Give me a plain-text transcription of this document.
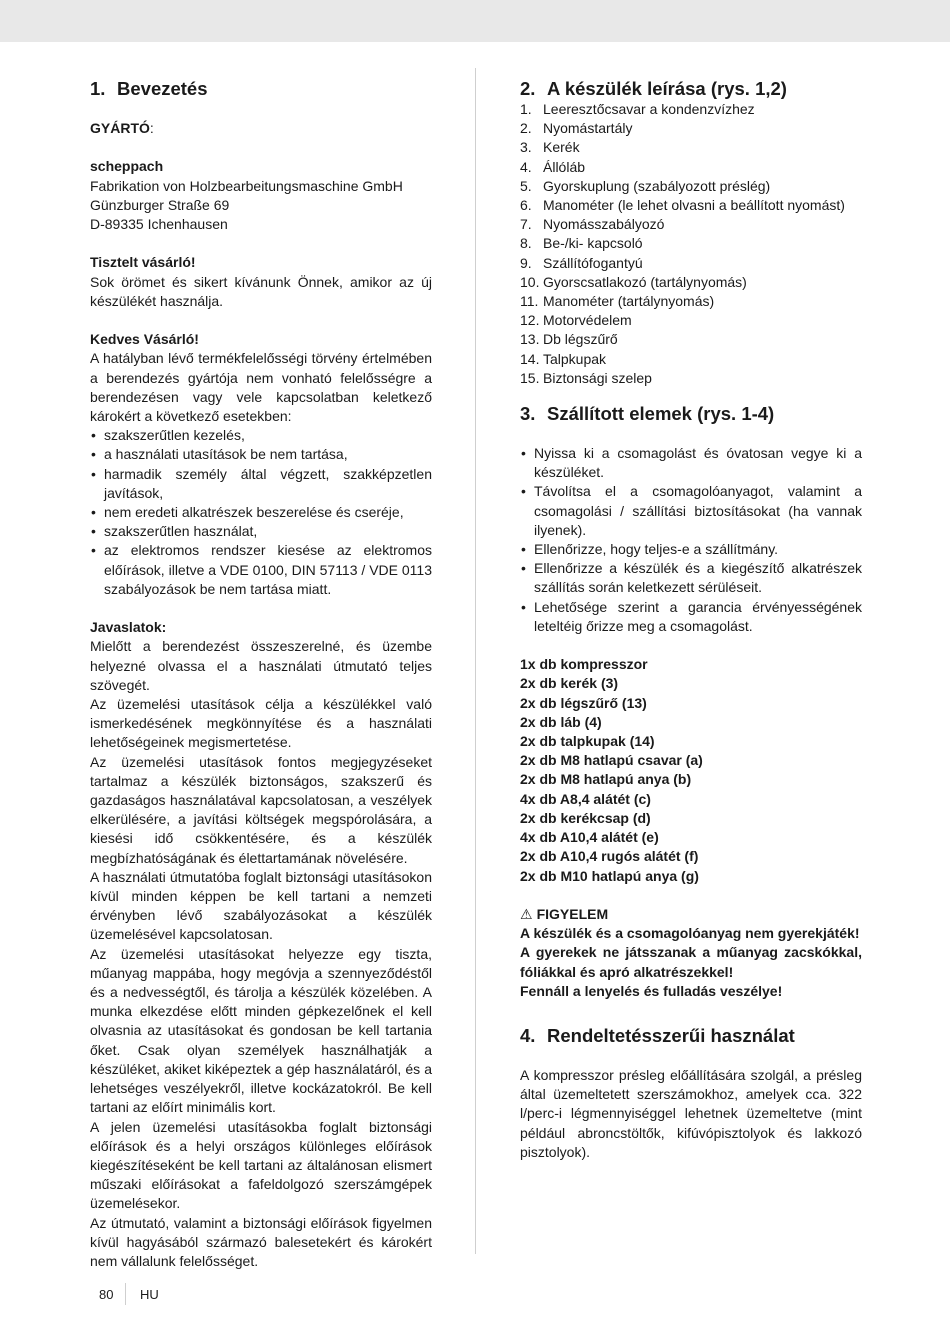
1. Bevezetés

GYÁRTÓ:

scheppach

Fabrikation von Holzbearbeitungsmaschine GmbH

Günzburger Straße 69

D-89335 Ichenhausen

Tisztelt vásárló!

Sok örömet és sikert kívánunk Önnek, amikor az új készülékét használja.

Kedves Vásárló!

A hatályban lévő termékfelelősségi törvény értelmében a berendezés gyártója nem vonható felelősségre a berendezésen vagy vele kapcsolatban keletkező károkért a következő esetekben:

• szakszerűtlen kezelés,
• a használati utasítások be nem tartása,
• harmadik személy által végzett, szakképzetlen javítások,
• nem eredeti alkatrészek beszerelése és cseréje,
• szakszerűtlen használat,
• az elektromos rendszer kiesése az elektromos előírások, illetve a VDE 0100, DIN 57113 / VDE 0113 szabályozások be nem tartása miatt.

Javaslatok:

Mielőtt a berendezést összeszerelné, és üzembe helyezné olvassa el a használati útmutató teljes szövegét.

Az üzemelési utasítások célja a készülékkel való ismerkedésének megkönnyítése és a használati lehetőségeinek megismertetése.

Az üzemelési utasítások fontos megjegyzéseket tartalmaz a készülék biztonságos, szakszerű és gazdaságos használatával kapcsolatosan, a veszélyek elkerülésére, a javítási költségek megspórolására, a kiesési idő csökkentésére, és a készülék megbízhatóságának és élettartamának növelésére.

A használati útmutatóba foglalt biztonsági utasításokon kívül minden képpen be kell tartani a nemzeti érvényben lévő szabályozásokat a készülék üzemelésével kapcsolatosan.

Az üzemelési utasításokat helyezze egy tiszta, műanyag mappába, hogy megóvja a szennyeződéstől és a nedvességtől, és tárolja a készülék közelében. A munka elkezdése előtt minden gépkezelőnek el kell olvasnia az utasításokat és gondosan be kell tartania őket. Csak olyan személyek használhatják a készüléket, akiket kiképeztek a gép használatáról, és a lehetséges veszélyekről, illetve kockázatokról. Be kell tartani az előírt minimális kort.

A jelen üzemelési utasításokba foglalt biztonsági előírások és a helyi országos különleges előírások kiegészítéseként be kell tartani az általánosan elismert műszaki előírásokat a fafeldolgozó szerszámgépek üzemelésekor.

Az útmutató, valamint a biztonsági előírások figyelmen kívül hagyásából származó balesetekért és károkért nem vállalunk felelősséget.

2. A készülék leírása (rys. 1,2)
1. Leeresztőcsavar a kondenzvízhez
2. Nyomástartály
3. Kerék
4. Állóláb
5. Gyorskuplung (szabályozott préslég)
6. Manométer (le lehet olvasni a beállított nyomást)
7. Nyomásszabályozó
8. Be-/ki- kapcsoló
9. Szállítófogantyú
10. Gyorscsatlakozó (tartálynyomás)
11. Manométer (tartálynyomás)
12. Motorvédelem
13. Db légszűrő
14. Talpkupak
15. Biztonsági szelep
3. Szállított elemek (rys. 1-4)
• Nyissa ki a csomagolást és óvatosan vegye ki a készüléket.
• Távolítsa el a csomagolóanyagot, valamint a csomagolási / szállítási biztosításokat (ha vannak ilyenek).
• Ellenőrizze, hogy teljes-e a szállítmány.
• Ellenőrizze a készülék és a kiegészítő alkatrészek szállítás során keletkezett sérüléseit.
• Lehetősége szerint a garancia érvényességének leteltéig őrizze meg a csomagolást.
1x db kompresszor
2x db kerék (3)
2x db légszűrő (13)
2x db láb (4)
2x db talpkupak (14)
2x db M8 hatlapú csavar (a)
2x db M8 hatlapú anya (b)
4x db A8,4 alátét (c)
2x db kerékcsap (d)
4x db A10,4 alátét (e)
2x db A10,4 rugós alátét (f)
2x db M10 hatlapú anya (g)

⚠ FIGYELEM

A készülék és a csomagolóanyag nem gyerekjáték!

A gyerekek ne játsszanak a műanyag zacskókkal, fóliákkal és apró alkatrészekkel!

Fennáll a lenyelés és fulladás veszélye!

4. Rendeltetésszerűi használat

A kompresszor présleg előállítására szolgál, a présleg által üzemeltetett szerszámokhoz, amelyek cca. 322 l/perc-i légmennyiséggel lehetnek üzemeltetve (mint például abroncstöltők, kifúvópisztolyok és lakkozó pisztolyok).

80	HU
